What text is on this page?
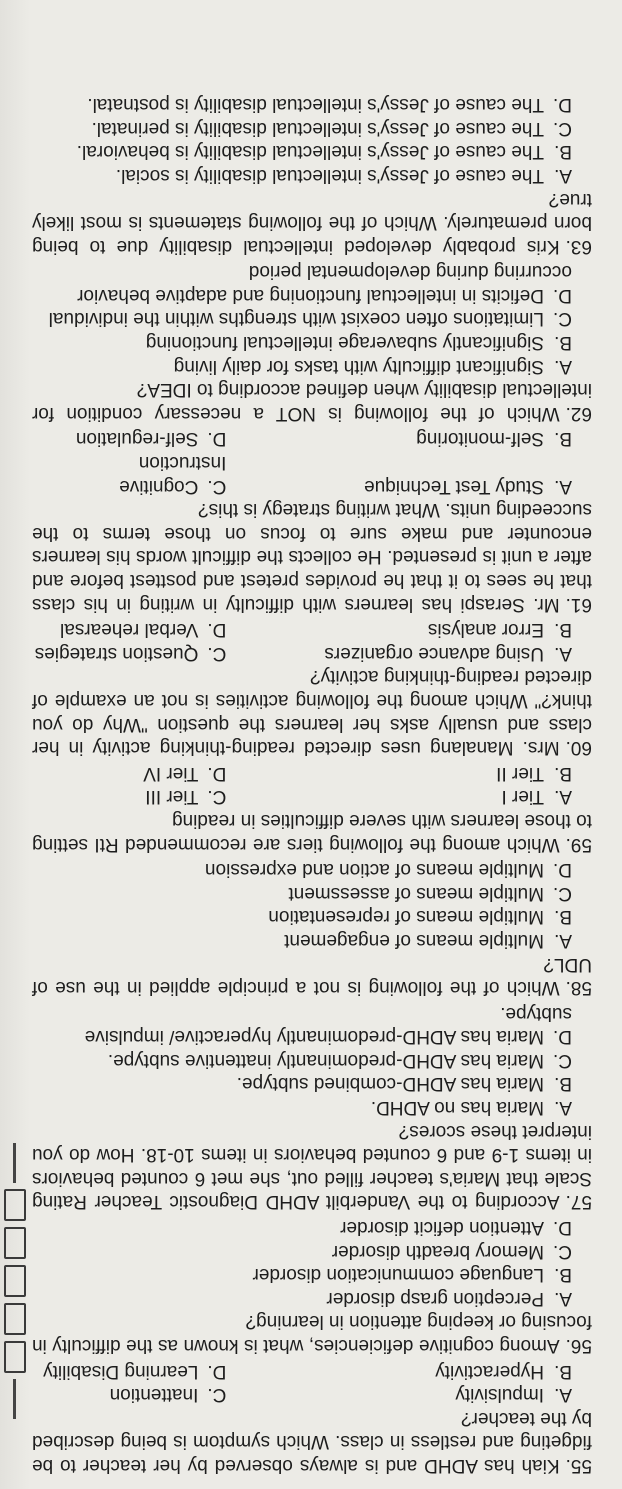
55.Kiah has ADHD and is always observed by her teacher to be fidgeting and restless in class. Which symptom is being described by the teacher?
A.Impulsivity
C.Inattention
B.Hyperactivity
D.Learning Disability
56.Among cognitive deficiencies, what is known as the difficulty in focusing or keeping attention in learning?
A.Perception grasp disorder
B.Language communication disorder
C.Memory breadth disorder
D.Attention deficit disorder
57.According to the Vanderbilt ADHD Diagnostic Teacher Rating Scale that Maria's teacher filled out, she met 6 counted behaviors in items 1-9 and 6 counted behaviors in items 10-18. How do you interpret these scores?
A.Maria has no ADHD.
B.Maria has ADHD-combined subtype.
C.Maria has ADHD-predominantly inattentive subtype.
D.Maria has ADHD-predominantly hyperactive/ impulsive subtype.
58.Which of the following is not a principle applied in the use of UDL?
A.Multiple means of engagement
B.Multiple means of representation
C.Multiple means of assessment
D.Multiple means of action and expression
59.Which among the following tiers are recommended RtI setting to those learners with severe difficulties in reading
A.Tier I
C.Tier III
B.Tier II
D.Tier IV
60.Mrs. Manalang uses directed reading-thinking activity in her class and usually asks her learners the question "Why do you think?" Which among the following activities is not an example of directed reading-thinking activity?
A.Using advance organizers
C.Question strategies
B.Error analysis
D.Verbal rehearsal
61.Mr. Seraspi has learners with difficulty in writing in his class that he sees to it that he provides pretest and posttest before and after a unit is presented. He collects the difficult words his learners encounter and make sure to focus on those terms to the succeeding units. What writing strategy is this?
A.Study Test Technique
C.Cognitive Instruction
B.Self-monitoring
D.Self-regulation
62.Which of the following is NOT a necessary condition for intellectual disability when defined according to IDEA?
A.Significant difficulty with tasks for daily living
B.Significantly subaverage intellectual functioning
C.Limitations often coexist with strengths within the individual
D.Deficits in intellectual functioning and adaptive behavior occurring during developmental period
63.Kris probably developed intellectual disability due to being born prematurely. Which of the following statements is most likely true?
A.The cause of Jessy's intellectual disability is social.
B.The cause of Jessy's intellectual disability is behavioral.
C.The cause of Jessy's intellectual disability is perinatal.
D.The cause of Jessy's intellectual disability is postnatal.
